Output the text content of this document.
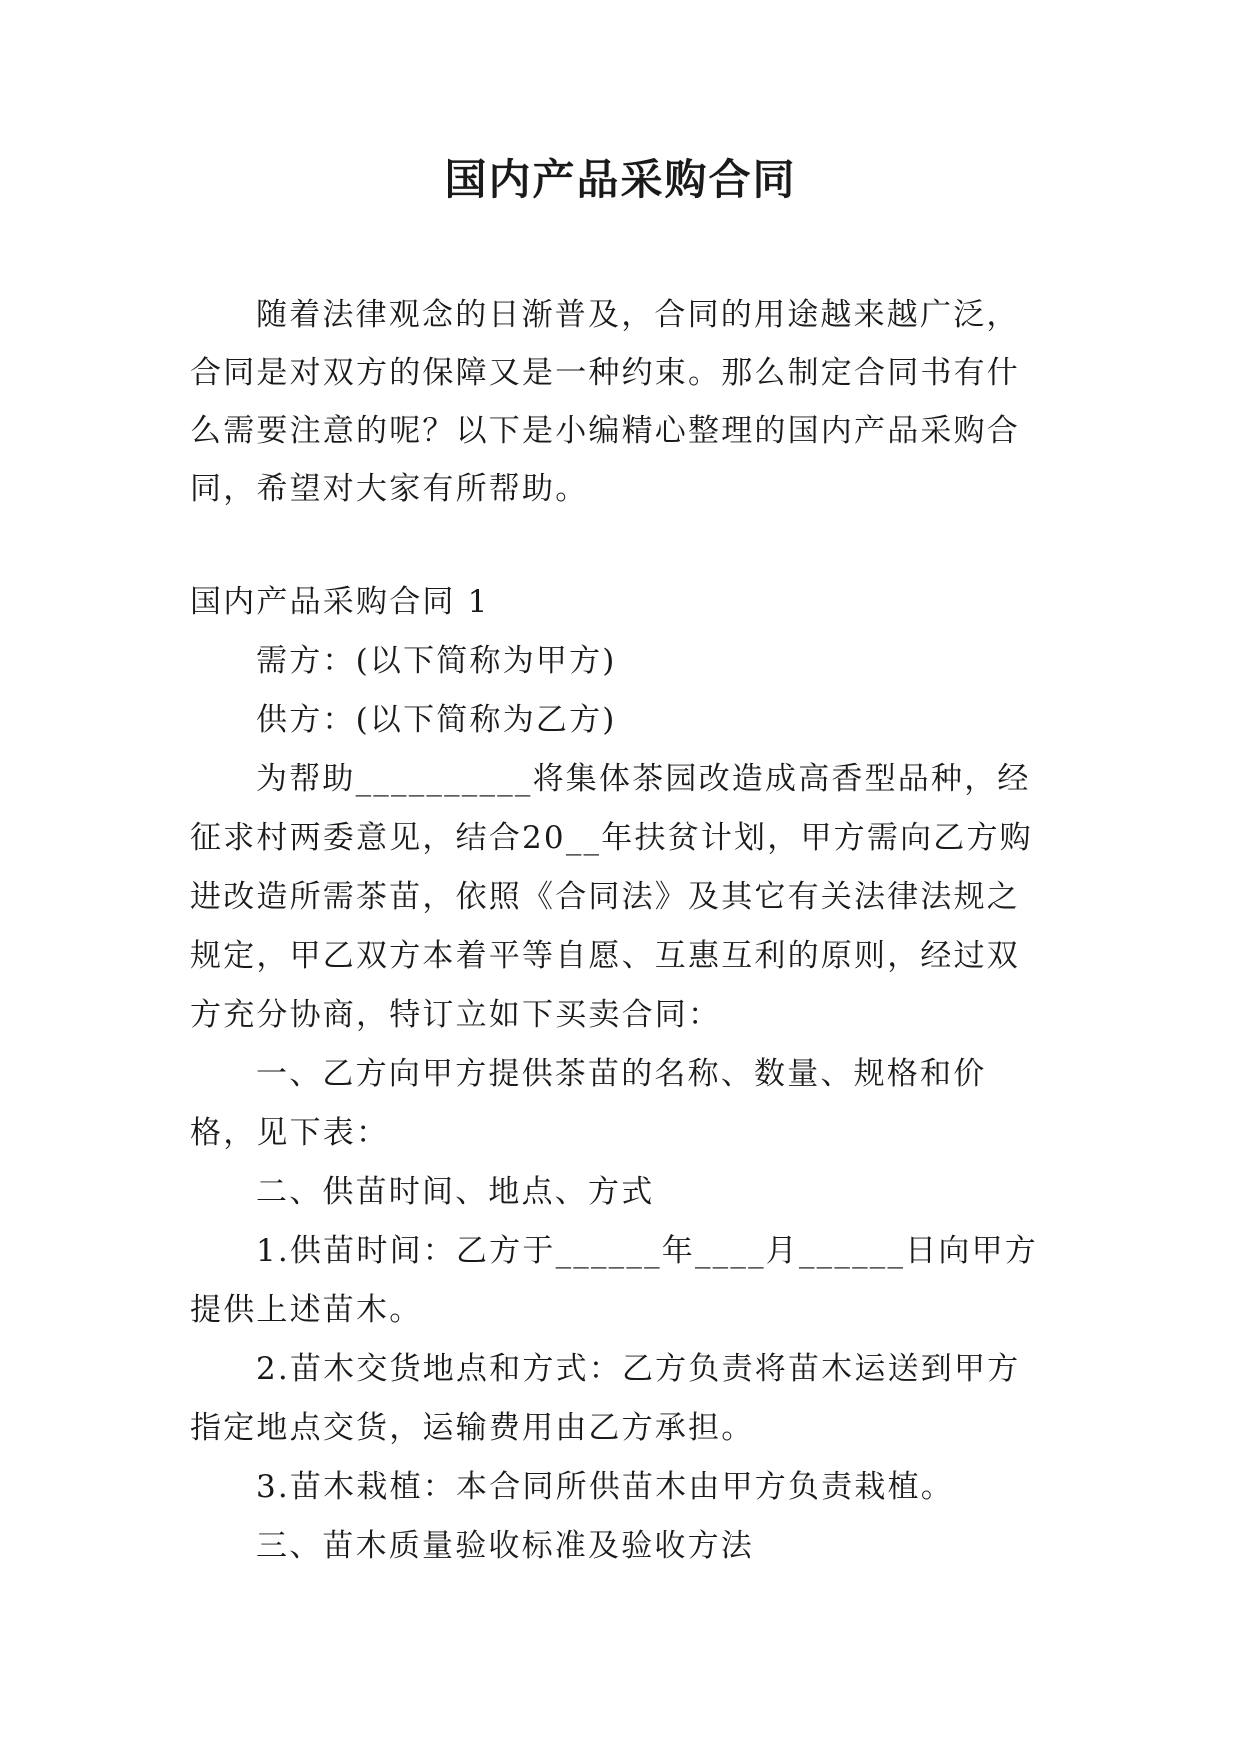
国内产品采购合同

随着法律观念的日渐普及，合同的用途越来越广泛，合同是对双方的保障又是一种约束。那么制定合同书有什么需要注意的呢？以下是小编精心整理的国内产品采购合同，希望对大家有所帮助。

国内产品采购合同 1

需方：(以下简称为甲方)

供方：(以下简称为乙方)

为帮助__________将集体茶园改造成高香型品种，经征求村两委意见，结合20__年扶贫计划，甲方需向乙方购进改造所需茶苗，依照《合同法》及其它有关法律法规之规定，甲乙双方本着平等自愿、互惠互利的原则，经过双方充分协商，特订立如下买卖合同：

一、乙方向甲方提供茶苗的名称、数量、规格和价格，见下表：

二、供苗时间、地点、方式

1.供苗时间：乙方于______年____月______日向甲方提供上述苗木。

2.苗木交货地点和方式：乙方负责将苗木运送到甲方指定地点交货，运输费用由乙方承担。

3.苗木栽植：本合同所供苗木由甲方负责栽植。

三、苗木质量验收标准及验收方法
